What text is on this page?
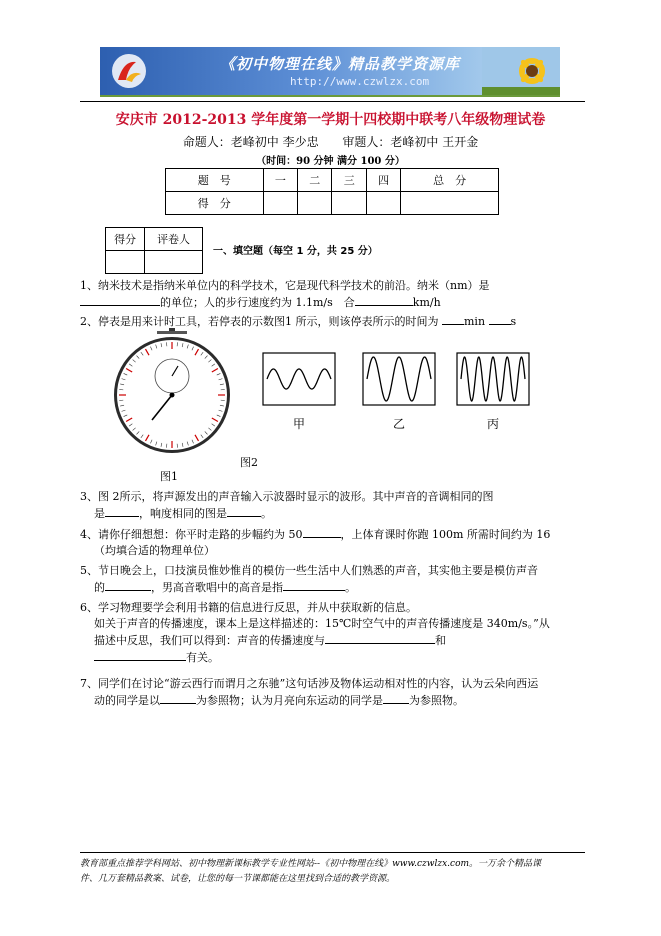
《初中物理在线》精品教学资源库
http://www.czwlzx.com
安庆市 2012-2013 学年度第一学期十四校期中联考八年级物理试卷
命题人：老峰初中 李少忠 审题人：老峰初中 王开金
（时间：90 分钟 满分 100 分）
题　号	一	二	三	四	总　分
得　分					
得分	评卷人

一、填空题（每空 1 分，共 25 分）
1、纳米技术是指纳米单位内的科学技术，它是现代科学技术的前沿。纳米（nm）是
的单位；人的步行速度约为 1.1m/s　合	km/h
2、停表是用来计时工具，若停表的示数图1 所示，则该停表所示的时间为 min s
图1
甲	乙	丙
图2
3、图 2所示，将声源发出的声音输入示波器时显示的波形。其中声音的音调相同的图

是	，响度相同的图是	。
4、请你仔细想想：你平时走路的步幅约为 50	，上体育课时你跑 100m 所需时间约为 16

（均填合适的物理单位）
5、节日晚会上，口技演员惟妙惟肖的模仿一些生活中人们熟悉的声音，其实他主要是模仿声音

的	，男高音歌唱中的高音是指	。
6、学习物理要学会利用书籍的信息进行反思，并从中获取新的信息。

如关于声音的传播速度，课本上是这样描述的：15℃时空气中的声音传播速度是 340m/s。”从
描述中反思，我们可以得到：声音的传播速度与	和
有关。
7、同学们在讨论“游云西行而谓月之东驰”这句话涉及物体运动相对性的内容，认为云朵向西运

动的同学是以	为参照物；认为月亮向东运动的同学是 为参照物。
教育部重点推荐学科网站、初中物理新课标教学专业性网站--《初中物理在线》www.czwlzx.com。一万余个精品课
件、几万套精品教案、试卷，让您的每一节课都能在这里找到合适的教学资源。
